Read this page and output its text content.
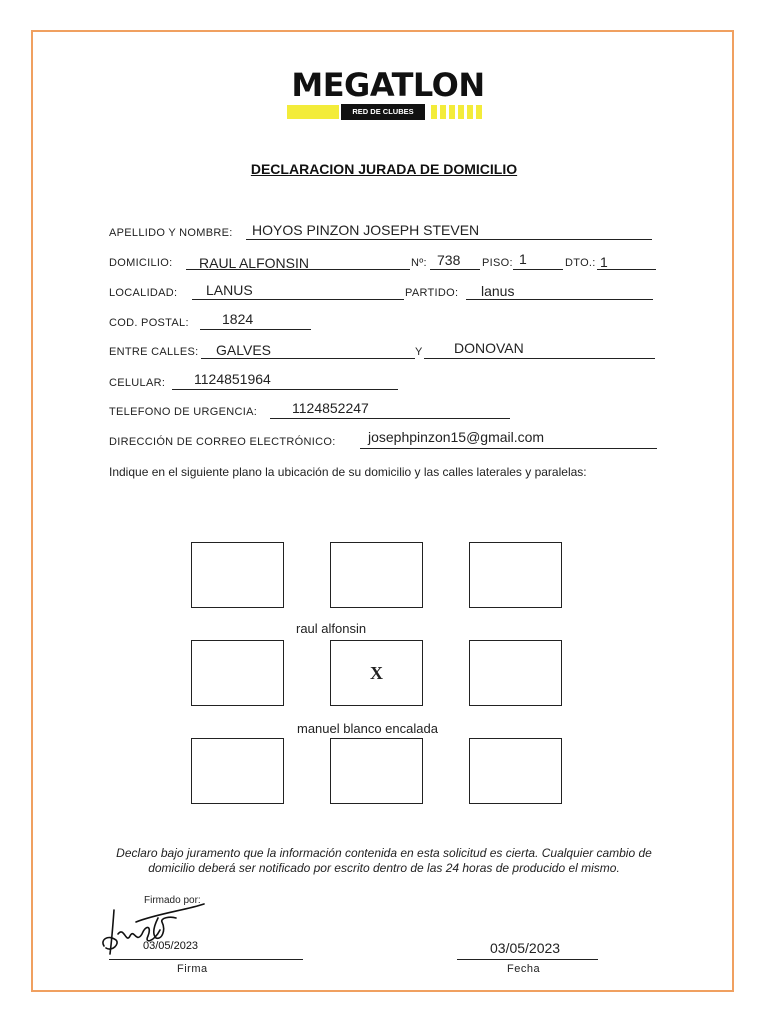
MEGATLON
RED DE CLUBES
DECLARACION JURADA DE DOMICILIO
APELLIDO Y NOMBRE: HOYOS PINZON JOSEPH STEVEN
DOMICILIO: RAUL ALFONSIN	Nº: 738 PISO: 1	DTO.: 1
LOCALIDAD: LANUS	PARTIDO: lanus
COD. POSTAL: 1824
ENTRE CALLES: GALVES	Y DONOVAN
CELULAR: 1124851964
TELEFONO DE URGENCIA: 1124852247
DIRECCIÓN DE CORREO ELECTRÓNICO: josephpinzon15@gmail.com
Indique en el siguiente plano la ubicación de su domicilio y las calles laterales y paralelas:
raul alfonsin
X
manuel blanco encalada
Declaro bajo juramento que la información contenida en esta solicitud es cierta. Cualquier cambio de domicilio deberá ser notificado por escrito dentro de las 24 horas de producido el mismo.
Firmado por:
03/05/2023
Firma
03/05/2023
Fecha
